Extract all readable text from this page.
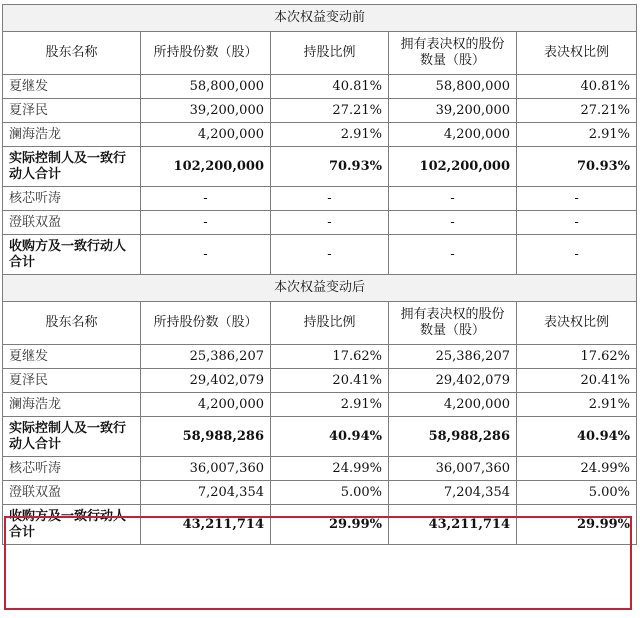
本次权益变动前				
股东名称	所持股份数（股）	持股比例	拥有表决权的股份数量（股）	表决权比例
夏继发	58,800,000	40.81%	58,800,000	40.81%
夏泽民	39,200,000	27.21%	39,200,000	27.21%
澜海浩龙	4,200,000	2.91%	4,200,000	2.91%
实际控制人及一致行动人合计	102,200,000	70.93%	102,200,000	70.93%
核芯听涛	-	-	-	-
澄联双盈	-	-	-	-
收购方及一致行动人合计	-	-	-	-
本次权益变动后				
股东名称	所持股份数（股）	持股比例	拥有表决权的股份数量（股）	表决权比例
夏继发	25,386,207	17.62%	25,386,207	17.62%
夏泽民	29,402,079	20.41%	29,402,079	20.41%
澜海浩龙	4,200,000	2.91%	4,200,000	2.91%
实际控制人及一致行动人合计	58,988,286	40.94%	58,988,286	40.94%
核芯听涛	36,007,360	24.99%	36,007,360	24.99%
澄联双盈	7,204,354	5.00%	7,204,354	5.00%
收购方及一致行动人合计	43,211,714	29.99%	43,211,714	29.99%
